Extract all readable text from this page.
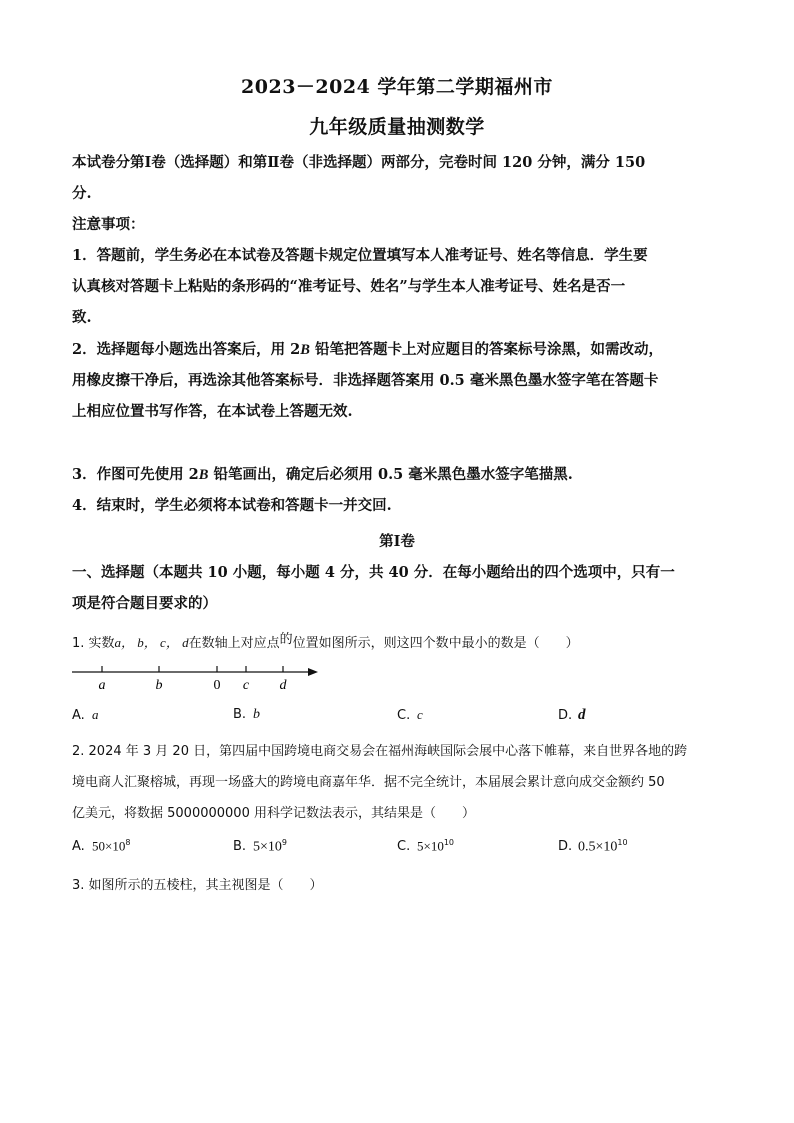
2023－2024 学年第二学期福州市
九年级质量抽测数学
本试卷分第Ⅰ卷（选择题）和第Ⅱ卷（非选择题）两部分，完卷时间 120 分钟，满分 150
分.
注意事项：
1．答题前，学生务必在本试卷及答题卡规定位置填写本人准考证号、姓名等信息．学生要
认真核对答题卡上粘贴的条形码的“准考证号、姓名”与学生本人准考证号、姓名是否一
致.
2．选择题每小题选出答案后，用 2B 铅笔把答题卡上对应题目的答案标号涂黑，如需改动，
用橡皮擦干净后，再选涂其他答案标号．非选择题答案用 0.5 毫米黑色墨水签字笔在答题卡
上相应位置书写作答，在本试卷上答题无效.
3．作图可先使用 2B 铅笔画出，确定后必须用 0.5 毫米黑色墨水签字笔描黑.
4．结束时，学生必须将本试卷和答题卡一并交回.
第Ⅰ卷
一、选择题（本题共 10 小题，每小题 4 分，共 40 分．在每小题给出的四个选项中，只有一
项是符合题目要求的）
1. 实数a， b， c， d在数轴上对应点的位置如图所示，则这四个数中最小的数是（　　）
a	b	0 c d
A. a	B. b	C. c	D. d
2. 2024 年 3 月 20 日，第四届中国跨境电商交易会在福州海峡国际会展中心落下帷幕，来自世界各地的跨
境电商人汇聚榕城，再现一场盛大的跨境电商嘉年华．据不完全统计，本届展会累计意向成交金额约 50
亿美元，将数据 5000000000 用科学记数法表示，其结果是（　　）
A. $50\times 10^8$	B. $5\times 10^9$	C. $5\times 10^{10}$	D. $0.5\times 10^{10}$
3. 如图所示的五棱柱，其主视图是（　　）
